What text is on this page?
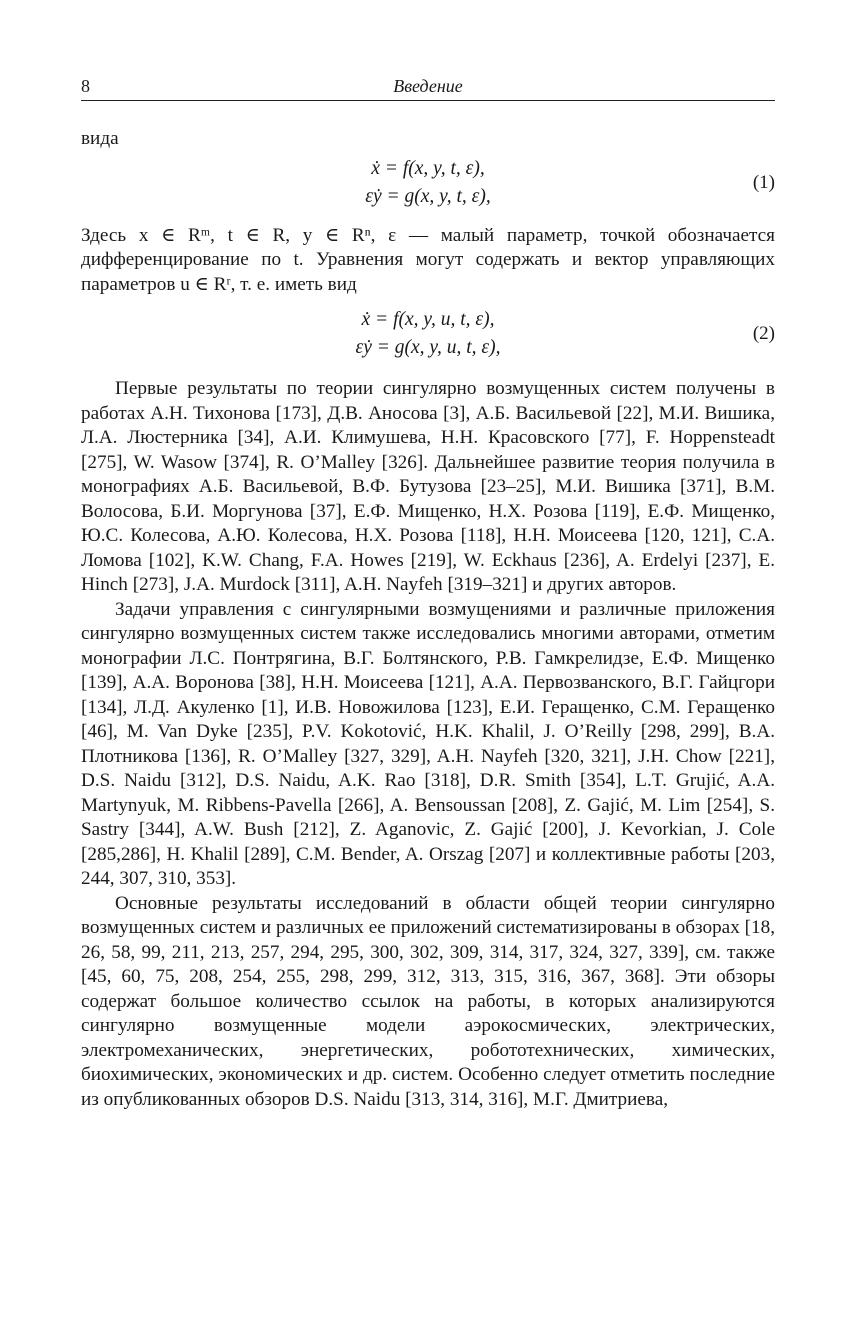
8	Введение

вида

ẋ = f(x, y, t, ε),
εẏ = g(x, y, t, ε),
(1)

Здесь x ∈ Rᵐ, t ∈ R, y ∈ Rⁿ, ε — малый параметр, точкой обозначается дифференцирование по t. Уравнения могут содержать и вектор управляющих параметров u ∈ Rʳ, т. е. иметь вид

ẋ = f(x, y, u, t, ε),
εẏ = g(x, y, u, t, ε),
(2)

Первые результаты по теории сингулярно возмущенных систем получены в работах А.Н. Тихонова [173], Д.В. Аносова [3], А.Б. Васильевой [22], М.И. Вишика, Л.А. Люстерника [34], А.И. Климушева, Н.Н. Красовского [77], F. Hoppensteadt [275], W. Wasow [374], R. O’Malley [326]. Дальнейшее развитие теория получила в монографиях А.Б. Васильевой, В.Ф. Бутузова [23–25], М.И. Вишика [371], В.М. Волосова, Б.И. Моргунова [37], Е.Ф. Мищенко, Н.Х. Розова [119], Е.Ф. Мищенко, Ю.С. Колесова, А.Ю. Колесова, Н.Х. Розова [118], Н.Н. Моисеева [120, 121], С.А. Ломова [102], K.W. Chang, F.A. Howes [219], W. Eckhaus [236], A. Erdelyi [237], E. Hinch [273], J.A. Murdock [311], A.H. Nayfeh [319–321] и других авторов.

Задачи управления с сингулярными возмущениями и различные приложения сингулярно возмущенных систем также исследовались многими авторами, отметим монографии Л.С. Понтрягина, В.Г. Болтянского, Р.В. Гамкрелидзе, Е.Ф. Мищенко [139], А.А. Воронова [38], Н.Н. Моисеева [121], А.А. Первозванского, В.Г. Гайцгори [134], Л.Д. Акуленко [1], И.В. Новожилова [123], Е.И. Геращенко, С.М. Геращенко [46], M. Van Dyke [235], P.V. Kokotović, H.K. Khalil, J. O’Reilly [298, 299], В.А. Плотникова [136], R. O’Malley [327, 329], A.H. Nayfeh [320, 321], J.H. Chow [221], D.S. Naidu [312], D.S. Naidu, A.K. Rao [318], D.R. Smith [354], L.T. Grujić, A.A. Martynyuk, M. Ribbens-Pavella [266], A. Bensoussan [208], Z. Gajić, M. Lim [254], S. Sastry [344], A.W. Bush [212], Z. Aganovic, Z. Gajić [200], J. Kevorkian, J. Cole [285,286], H. Khalil [289], C.M. Bender, A. Orszag [207] и коллективные работы [203, 244, 307, 310, 353].

Основные результаты исследований в области общей теории сингулярно возмущенных систем и различных ее приложений систематизированы в обзорах [18, 26, 58, 99, 211, 213, 257, 294, 295, 300, 302, 309, 314, 317, 324, 327, 339], см. также [45, 60, 75, 208, 254, 255, 298, 299, 312, 313, 315, 316, 367, 368]. Эти обзоры содержат большое количество ссылок на работы, в которых анализируются сингулярно возмущенные модели аэрокосмических, электрических, электромеханических, энергетических, робототехнических, химических, биохимических, экономических и др. систем. Особенно следует отметить последние из опубликованных обзоров D.S. Naidu [313, 314, 316], М.Г. Дмитриева,
